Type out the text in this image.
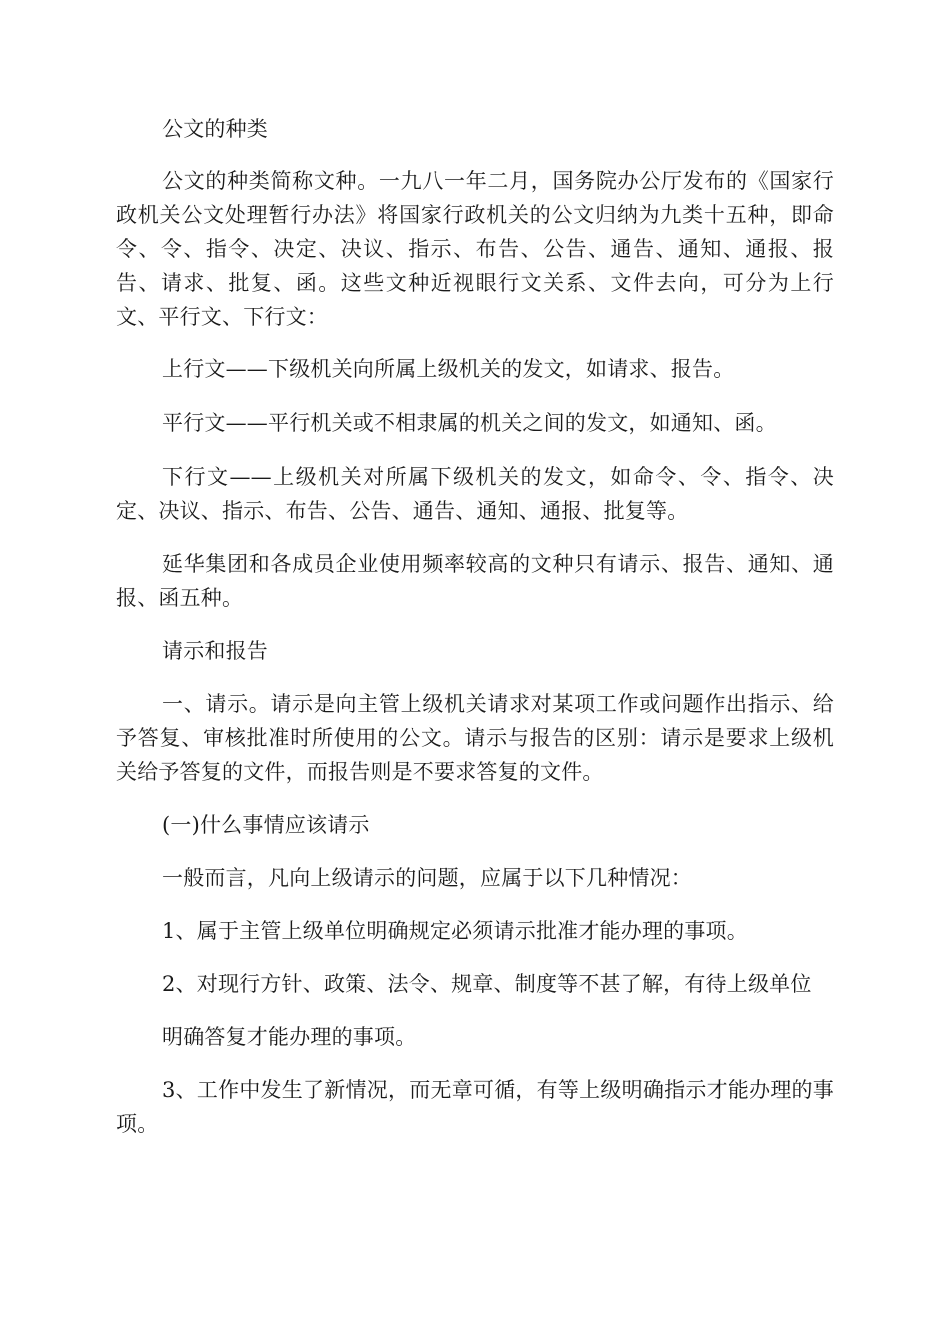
公文的种类

公文的种类简称文种。一九八一年二月，国务院办公厅发布的《国家行政机关公文处理暂行办法》将国家行政机关的公文归纳为九类十五种，即命令、令、指令、决定、决议、指示、布告、公告、通告、通知、通报、报告、请求、批复、函。这些文种近视眼行文关系、文件去向，可分为上行文、平行文、下行文：

上行文——下级机关向所属上级机关的发文，如请求、报告。

平行文——平行机关或不相隶属的机关之间的发文，如通知、函。

下行文——上级机关对所属下级机关的发文，如命令、令、指令、决定、决议、指示、布告、公告、通告、通知、通报、批复等。

延华集团和各成员企业使用频率较高的文种只有请示、报告、通知、通报、函五种。

请示和报告

一、请示。请示是向主管上级机关请求对某项工作或问题作出指示、给予答复、审核批准时所使用的公文。请示与报告的区别：请示是要求上级机关给予答复的文件，而报告则是不要求答复的文件。

(一)什么事情应该请示

一般而言，凡向上级请示的问题，应属于以下几种情况：

1、属于主管上级单位明确规定必须请示批准才能办理的事项。

2、对现行方针、政策、法令、规章、制度等不甚了解，有待上级单位

明确答复才能办理的事项。

3、工作中发生了新情况，而无章可循，有等上级明确指示才能办理的事项。
